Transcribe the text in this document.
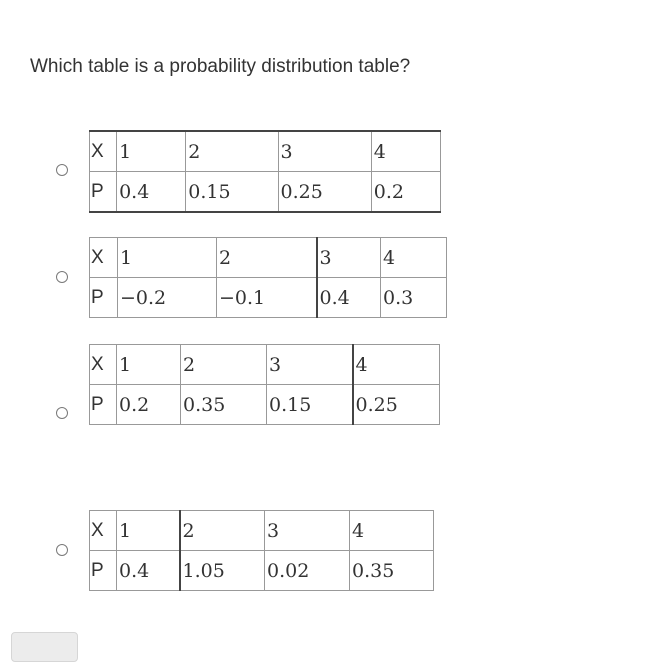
Which table is a probability distribution table?
X	1	2	3	4
P	0.4	0.15	0.25	0.2
X	1	2	3	4
P	−0.2	−0.1	0.4	0.3
X	1	2	3	4
P	0.2	0.35	0.15	0.25
X	1	2	3	4
P	0.4	1.05	0.02	0.35
